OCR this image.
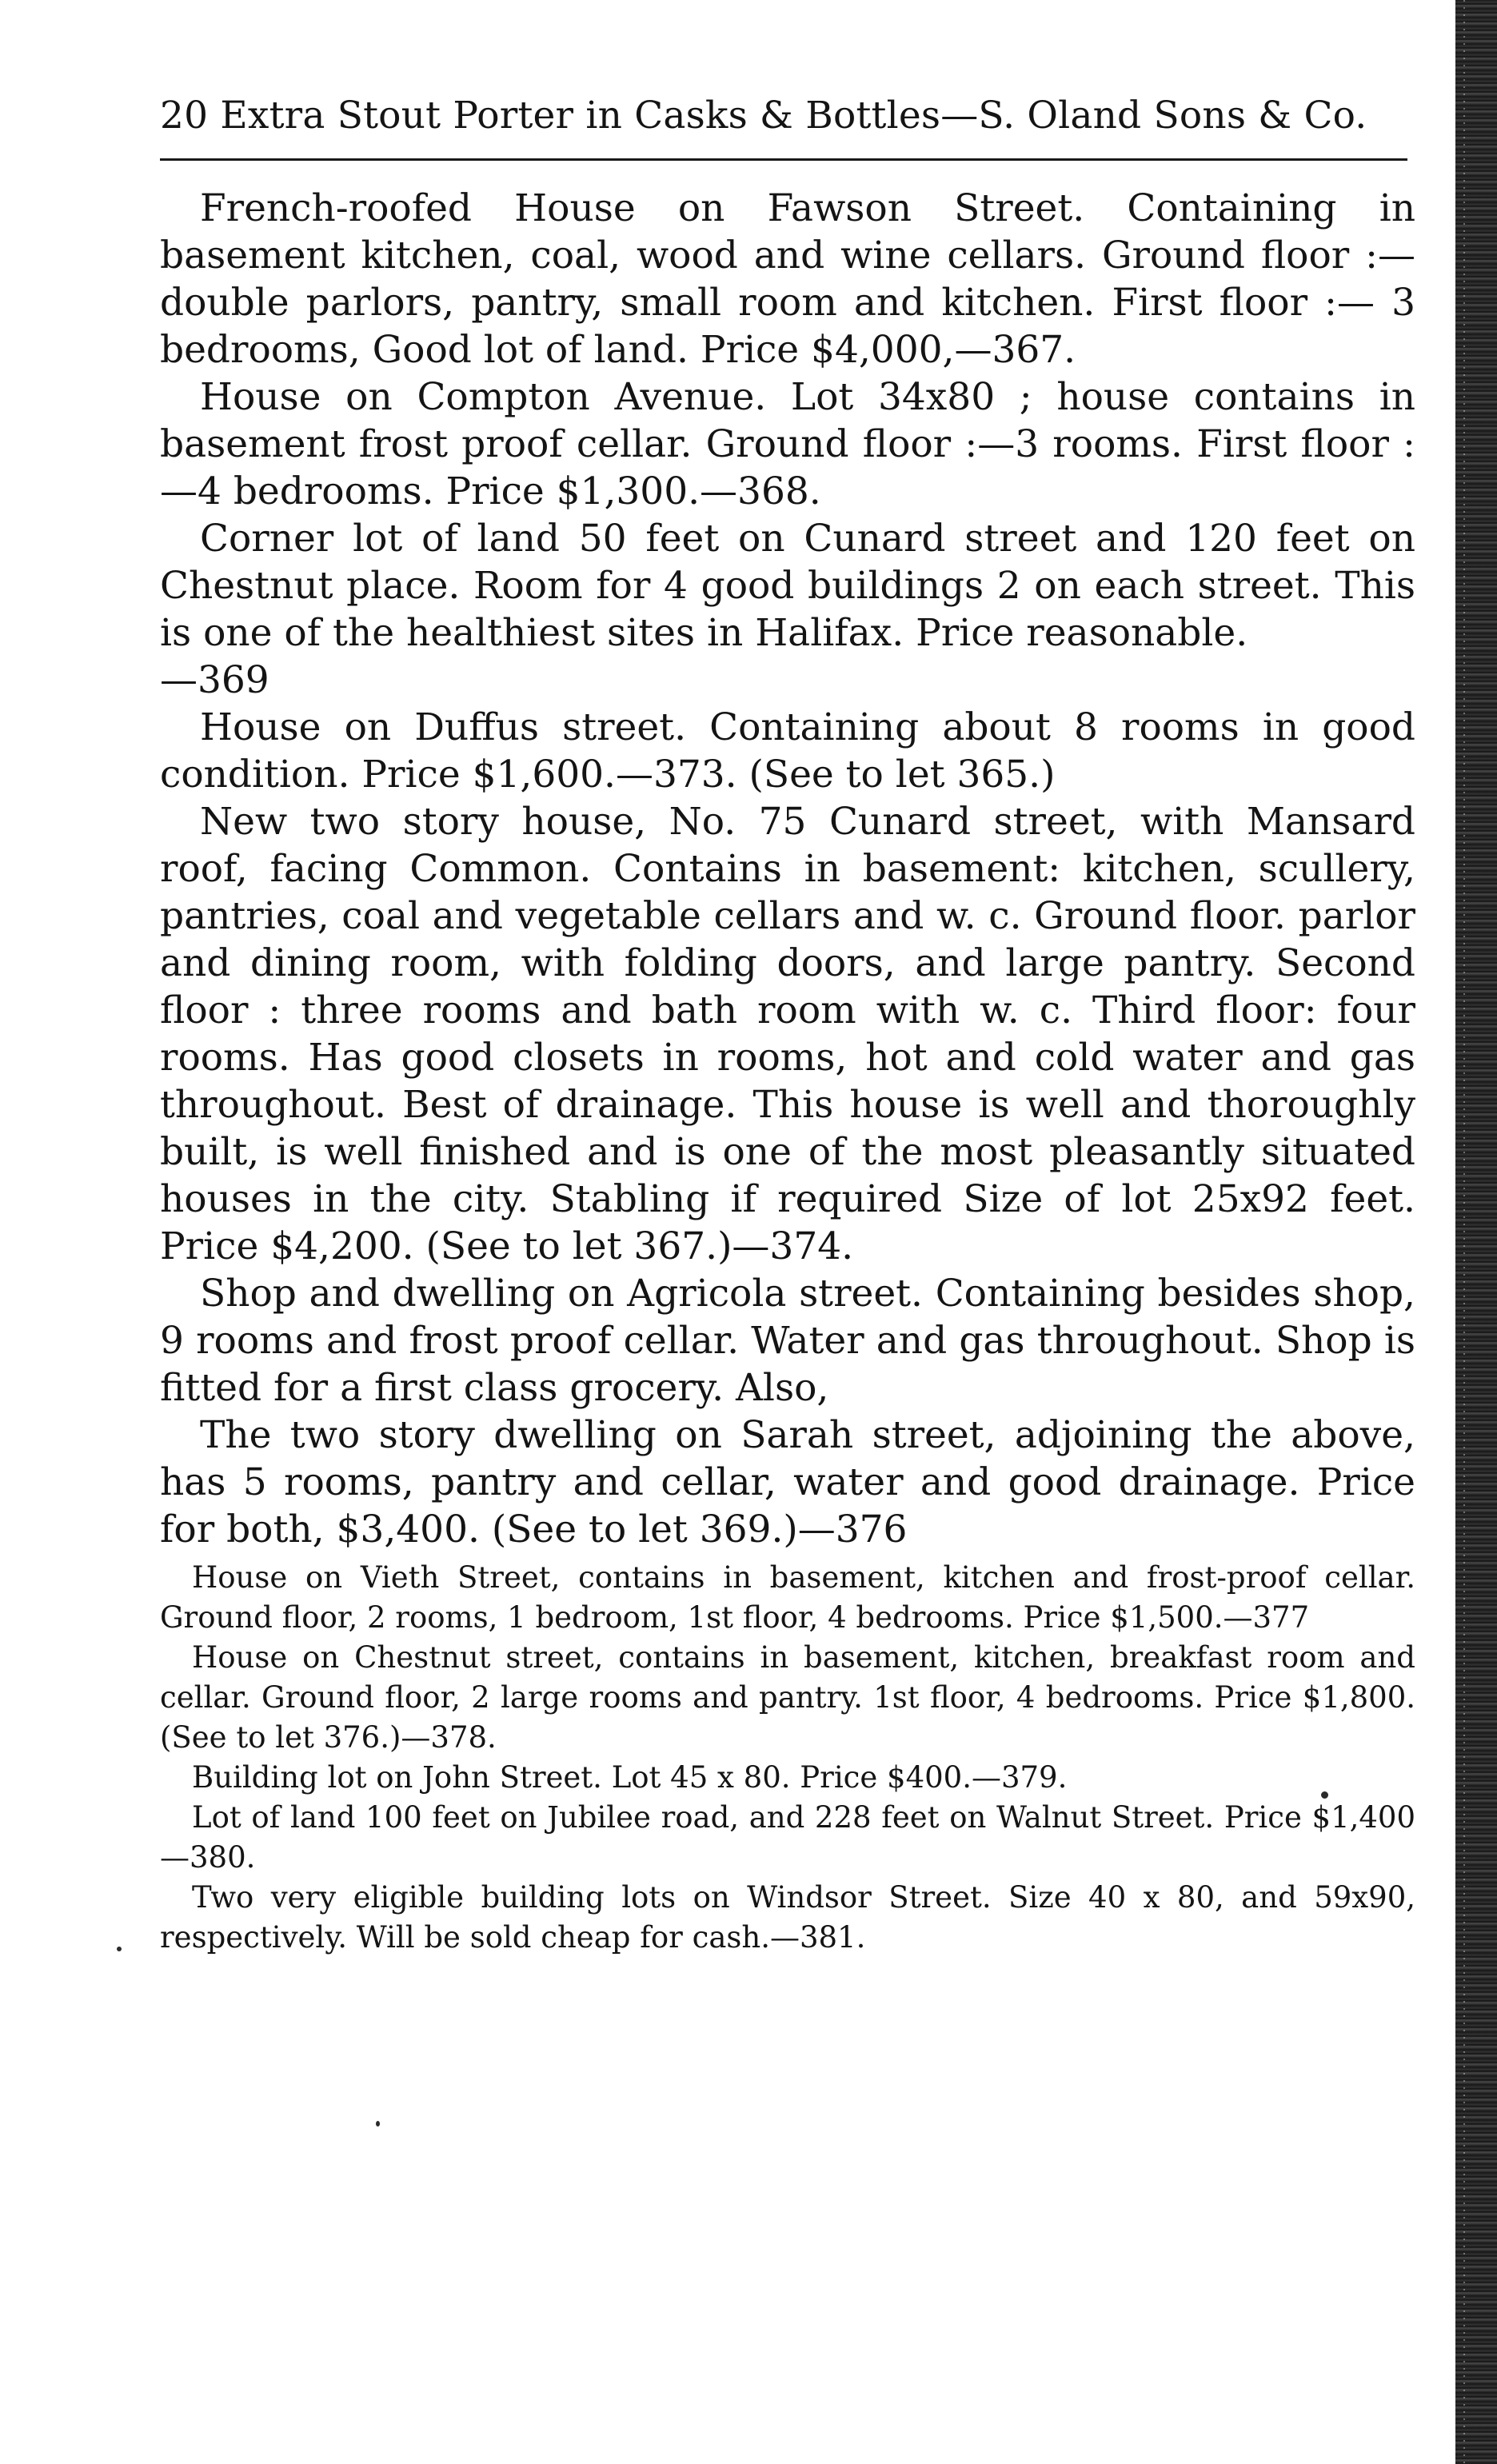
20 Extra Stout Porter in Casks & Bottles—S. Oland Sons & Co.

French-roofed House on Fawson Street. Containing in basement kitchen, coal, wood and wine cellars. Ground floor :— double parlors, pantry, small room and kitchen. First floor :— 3 bedrooms, Good lot of land. Price $4,000,—367.

House on Compton Avenue. Lot 34x80 ; house contains in basement frost proof cellar. Ground floor :—3 rooms. First floor :—4 bedrooms. Price $1,300.—368.

Corner lot of land 50 feet on Cunard street and 120 feet on Chestnut place. Room for 4 good buildings 2 on each street. This is one of the healthiest sites in Halifax. Price reasonable.

—369

House on Duffus street. Containing about 8 rooms in good condition. Price $1,600.—373. (See to let 365.)

New two story house, No. 75 Cunard street, with Mansard roof, facing Common. Contains in basement: kitchen, scullery, pantries, coal and vegetable cellars and w. c. Ground floor. parlor and dining room, with folding doors, and large pantry. Second floor : three rooms and bath room with w. c. Third floor: four rooms. Has good closets in rooms, hot and cold water and gas throughout. Best of drainage. This house is well and thoroughly built, is well finished and is one of the most pleasantly situated houses in the city. Stabling if required Size of lot 25x92 feet. Price $4,200. (See to let 367.)—374.

Shop and dwelling on Agricola street. Containing besides shop, 9 rooms and frost proof cellar. Water and gas throughout. Shop is fitted for a first class grocery. Also,

The two story dwelling on Sarah street, adjoining the above, has 5 rooms, pantry and cellar, water and good drainage. Price for both, $3,400. (See to let 369.)—376

House on Vieth Street, contains in basement, kitchen and frost-proof cellar. Ground floor, 2 rooms, 1 bedroom, 1st floor, 4 bedrooms. Price $1,500.—377

House on Chestnut street, contains in basement, kitchen, breakfast room and cellar. Ground floor, 2 large rooms and pantry. 1st floor, 4 bedrooms. Price $1,800. (See to let 376.)—378.

Building lot on John Street. Lot 45 x 80. Price $400.—379.

Lot of land 100 feet on Jubilee road, and 228 feet on Walnut Street. Price $1,400—380.

Two very eligible building lots on Windsor Street. Size 40 x 80, and 59x90, respectively. Will be sold cheap for cash.—381.
